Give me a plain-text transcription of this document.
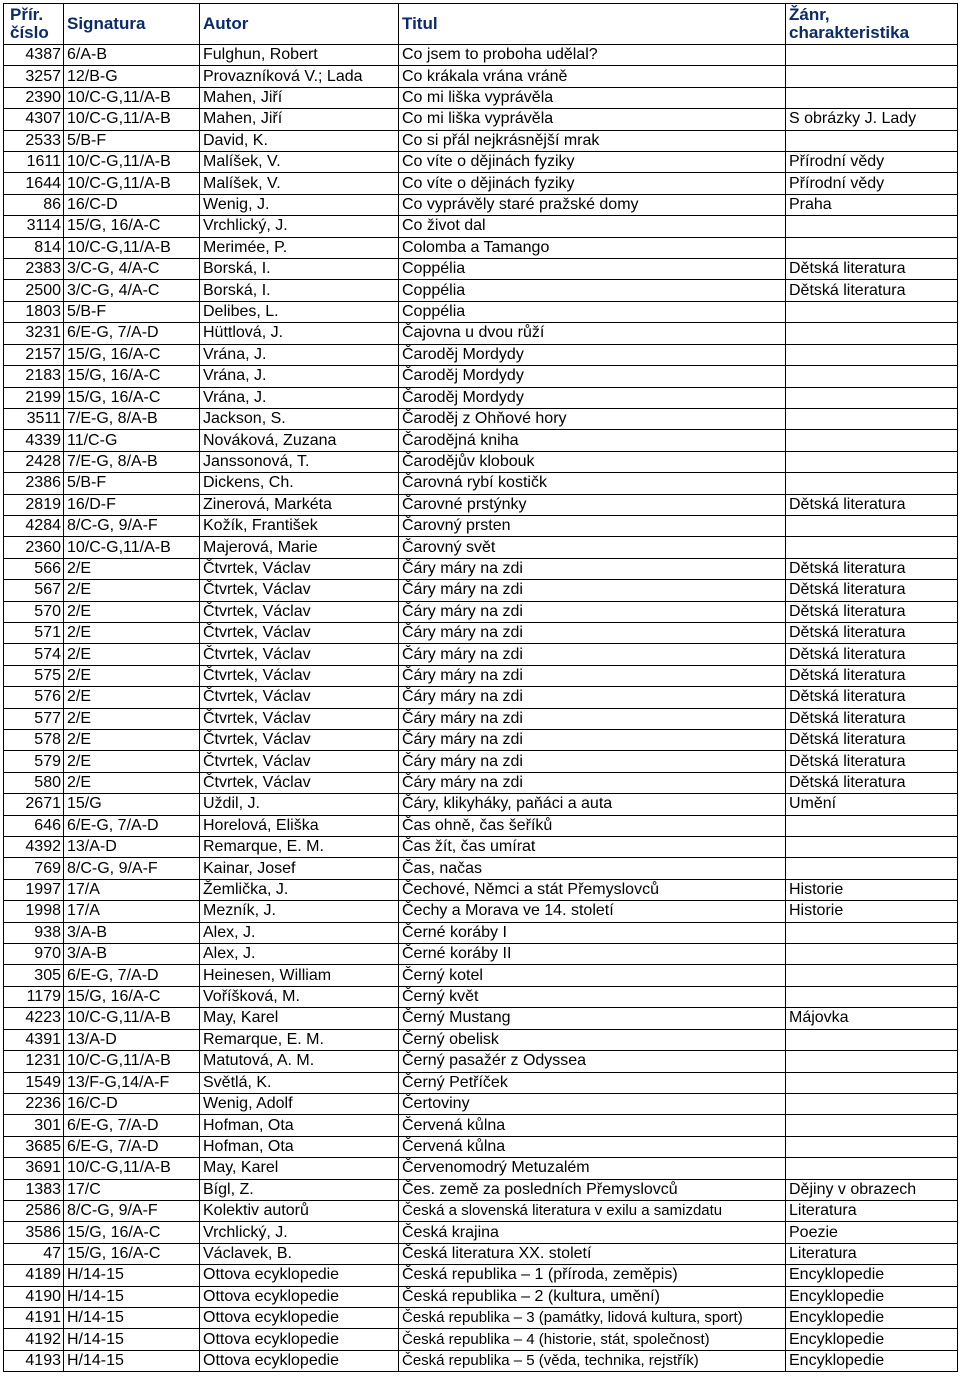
Přír. číslo	Signatura	Autor	Titul	Žánr, charakteristika
4387	6/A-B	Fulghun, Robert	Co jsem to proboha udělal?	
3257	12/B-G	Provazníková V.; Lada	Co krákala vrána vráně	
2390	10/C-G,11/A-B	Mahen, Jiří	Co mi liška vyprávěla	
4307	10/C-G,11/A-B	Mahen, Jiří	Co mi liška vyprávěla	S obrázky J. Lady
2533	5/B-F	David, K.	Co si přál nejkrásnější mrak	
1611	10/C-G,11/A-B	Malíšek, V.	Co víte o dějinách fyziky	Přírodní vědy
1644	10/C-G,11/A-B	Malíšek, V.	Co víte o dějinách fyziky	Přírodní vědy
86	16/C-D	Wenig, J.	Co vyprávěly staré pražské domy	Praha
3114	15/G, 16/A-C	Vrchlický, J.	Co život dal	
814	10/C-G,11/A-B	Merimée, P.	Colomba a Tamango	
2383	3/C-G, 4/A-C	Borská, I.	Coppélia	Dětská literatura
2500	3/C-G, 4/A-C	Borská, I.	Coppélia	Dětská literatura
1803	5/B-F	Delibes, L.	Coppélia	
3231	6/E-G, 7/A-D	Hüttlová, J.	Čajovna u dvou růží	
2157	15/G, 16/A-C	Vrána, J.	Čaroděj Mordydy	
2183	15/G, 16/A-C	Vrána, J.	Čaroděj Mordydy	
2199	15/G, 16/A-C	Vrána, J.	Čaroděj Mordydy	
3511	7/E-G, 8/A-B	Jackson, S.	Čaroděj z Ohňové hory	
4339	11/C-G	Nováková, Zuzana	Čarodějná kniha	
2428	7/E-G, 8/A-B	Janssonová, T.	Čarodějův klobouk	
2386	5/B-F	Dickens, Ch.	Čarovná rybí kostičk	
2819	16/D-F	Zinerová, Markéta	Čarovné prstýnky	Dětská literatura
4284	8/C-G, 9/A-F	Kožík, František	Čarovný prsten	
2360	10/C-G,11/A-B	Majerová, Marie	Čarovný svět	
566	2/E	Čtvrtek, Václav	Čáry máry na zdi	Dětská literatura
567	2/E	Čtvrtek, Václav	Čáry máry na zdi	Dětská literatura
570	2/E	Čtvrtek, Václav	Čáry máry na zdi	Dětská literatura
571	2/E	Čtvrtek, Václav	Čáry máry na zdi	Dětská literatura
574	2/E	Čtvrtek, Václav	Čáry máry na zdi	Dětská literatura
575	2/E	Čtvrtek, Václav	Čáry máry na zdi	Dětská literatura
576	2/E	Čtvrtek, Václav	Čáry máry na zdi	Dětská literatura
577	2/E	Čtvrtek, Václav	Čáry máry na zdi	Dětská literatura
578	2/E	Čtvrtek, Václav	Čáry máry na zdi	Dětská literatura
579	2/E	Čtvrtek, Václav	Čáry máry na zdi	Dětská literatura
580	2/E	Čtvrtek, Václav	Čáry máry na zdi	Dětská literatura
2671	15/G	Uždil, J.	Čáry, klikyháky, paňáci a auta	Umění
646	6/E-G, 7/A-D	Horelová, Eliška	Čas ohně, čas šeříků	
4392	13/A-D	Remarque, E. M.	Čas žít, čas umírat	
769	8/C-G, 9/A-F	Kainar, Josef	Čas, načas	
1997	17/A	Žemlička, J.	Čechové, Němci a stát Přemyslovců	Historie
1998	17/A	Mezník, J.	Čechy a Morava ve 14. století	Historie
938	3/A-B	Alex, J.	Černé koráby I	
970	3/A-B	Alex, J.	Černé koráby II	
305	6/E-G, 7/A-D	Heinesen, William	Černý kotel	
1179	15/G, 16/A-C	Voříšková, M.	Černý květ	
4223	10/C-G,11/A-B	May, Karel	Černý Mustang	Májovka
4391	13/A-D	Remarque, E. M.	Černý obelisk	
1231	10/C-G,11/A-B	Matutová, A. M.	Černý pasažér z Odyssea	
1549	13/F-G,14/A-F	Světlá, K.	Černý Petříček	
2236	16/C-D	Wenig, Adolf	Čertoviny	
301	6/E-G, 7/A-D	Hofman, Ota	Červená kůlna	
3685	6/E-G, 7/A-D	Hofman, Ota	Červená kůlna	
3691	10/C-G,11/A-B	May, Karel	Červenomodrý Metuzalém	
1383	17/C	Bígl, Z.	Čes. země za posledních Přemyslovců	Dějiny v obrazech
2586	8/C-G, 9/A-F	Kolektiv autorů	Česká a slovenská literatura v exilu a samizdatu	Literatura
3586	15/G, 16/A-C	Vrchlický, J.	Česká krajina	Poezie
47	15/G, 16/A-C	Václavek, B.	Česká literatura XX. století	Literatura
4189	H/14-15	Ottova ecyklopedie	Česká republika – 1 (příroda, zeměpis)	Encyklopedie
4190	H/14-15	Ottova ecyklopedie	Česká republika – 2 (kultura, umění)	Encyklopedie
4191	H/14-15	Ottova ecyklopedie	Česká republika – 3 (památky, lidová kultura, sport)	Encyklopedie
4192	H/14-15	Ottova ecyklopedie	Česká republika – 4 (historie, stát, společnost)	Encyklopedie
4193	H/14-15	Ottova ecyklopedie	Česká republika – 5 (věda, technika, rejstřík)	Encyklopedie
